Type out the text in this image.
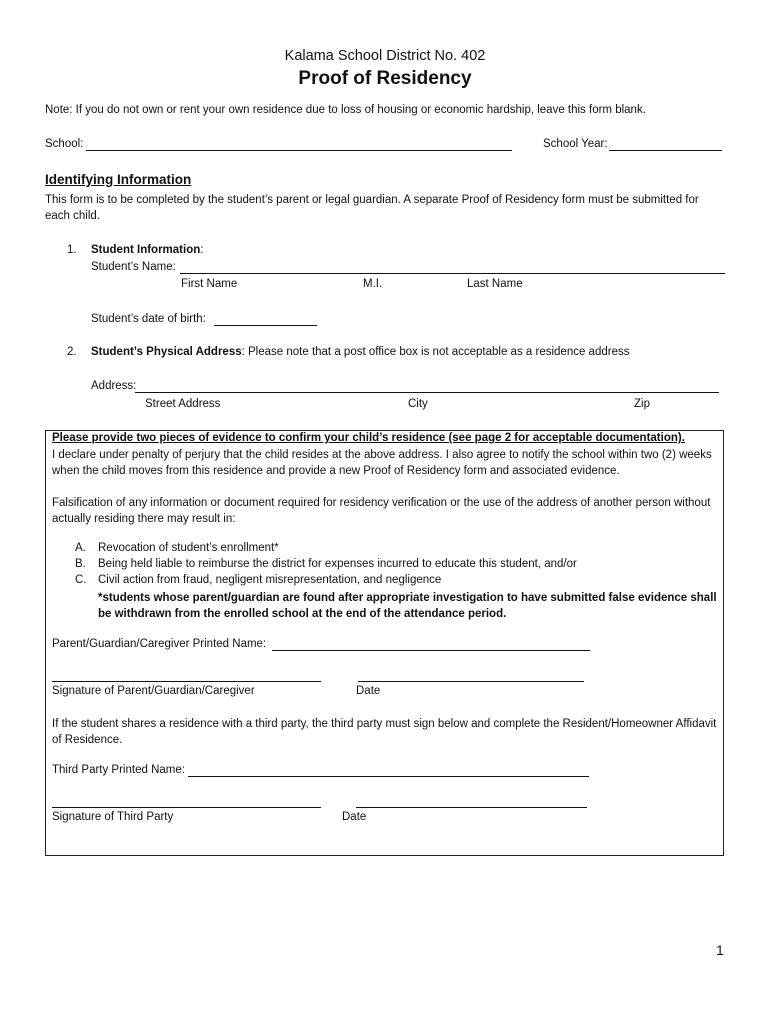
Kalama School District No. 402
Proof of Residency
Note: If you do not own or rent your own residence due to loss of housing or economic hardship, leave this form blank.
School:	School Year:
Identifying Information
This form is to be completed by the student’s parent or legal guardian. A separate Proof of Residency form must be submitted for each child.
1. Student Information:
Student’s Name:
First Name	M.I.	Last Name
Student’s date of birth:
2. Student’s Physical Address: Please note that a post office box is not acceptable as a residence address
Address:
Street Address	City	Zip
Please provide two pieces of evidence to confirm your child’s residence (see page 2 for acceptable documentation).
I declare under penalty of perjury that the child resides at the above address. I also agree to notify the school within two (2) weeks when the child moves from this residence and provide a new Proof of Residency form and associated evidence.
Falsification of any information or document required for residency verification or the use of the address of another person without actually residing there may result in:
A. Revocation of student’s enrollment*
B. Being held liable to reimburse the district for expenses incurred to educate this student, and/or
C. Civil action from fraud, negligent misrepresentation, and negligence
*students whose parent/guardian are found after appropriate investigation to have submitted false evidence shall be withdrawn from the enrolled school at the end of the attendance period.
Parent/Guardian/Caregiver Printed Name:
Signature of Parent/Guardian/Caregiver	Date
If the student shares a residence with a third party, the third party must sign below and complete the Resident/Homeowner Affidavit of Residence.
Third Party Printed Name:
Signature of Third Party	Date
1
